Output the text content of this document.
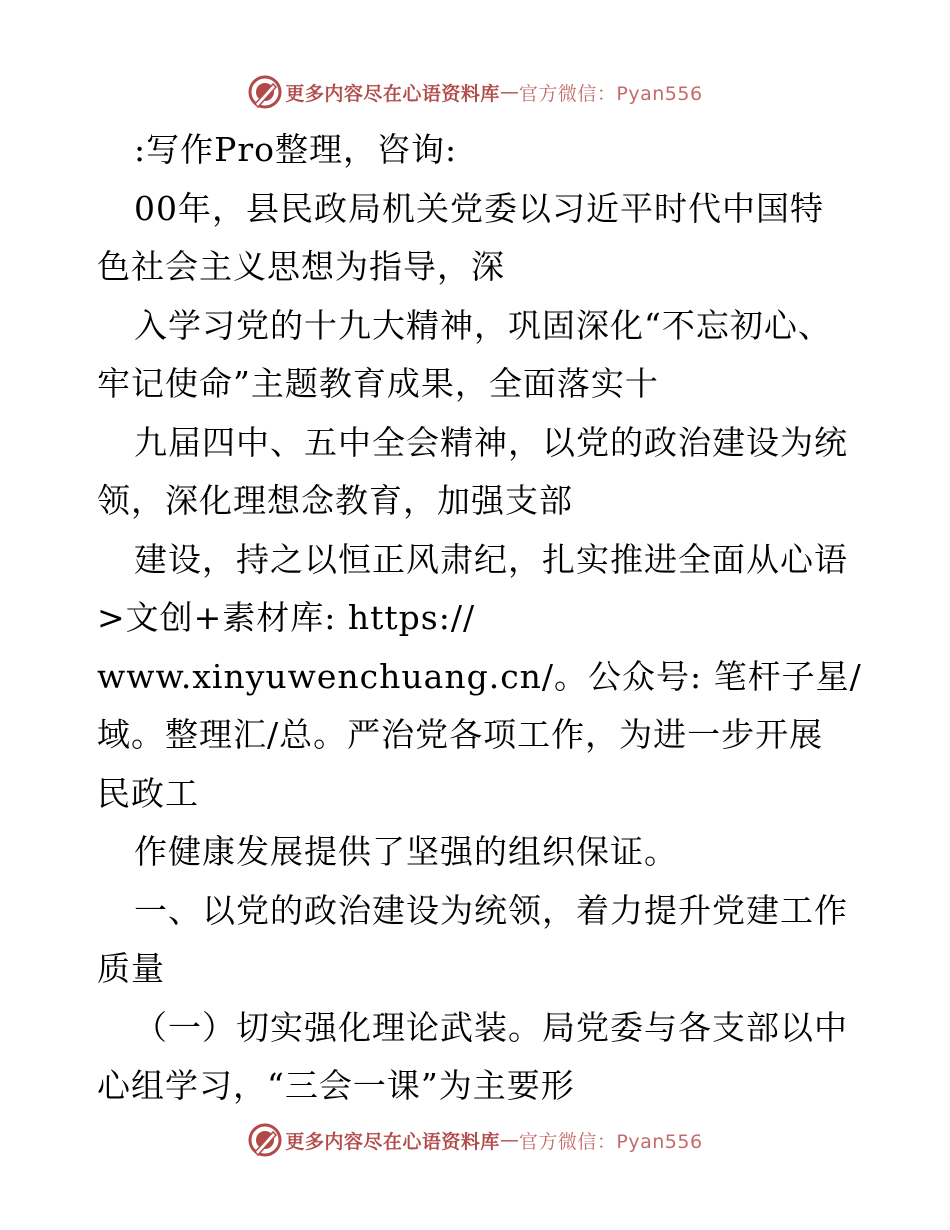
更多内容尽在心语资料库 — 官方微信：Pyan556
:写作Pro整理，咨询:
00年，县民政局机关党委以习近平时代中国特
色社会主义思想为指导，深
入学习党的十九大精神，巩固深化“不忘初心、
牢记使命”主题教育成果，全面落实十
九届四中、五中全会精神，以党的政治建设为统
领，深化理想念教育，加强支部
建设，持之以恒正风肃纪，扎实推进全面从心语
>文创+素材库: https://
www.xinyuwenchuang.cn/。公众号: 笔杆子星/
域。整理汇/总。严治党各项工作，为进一步开展
民政工
作健康发展提供了坚强的组织保证。
一、以党的政治建设为统领，着力提升党建工作
质量
（一）切实强化理论武装。局党委与各支部以中
心组学习，“三会一课”为主要形
更多内容尽在心语资料库 — 官方微信：Pyan556
